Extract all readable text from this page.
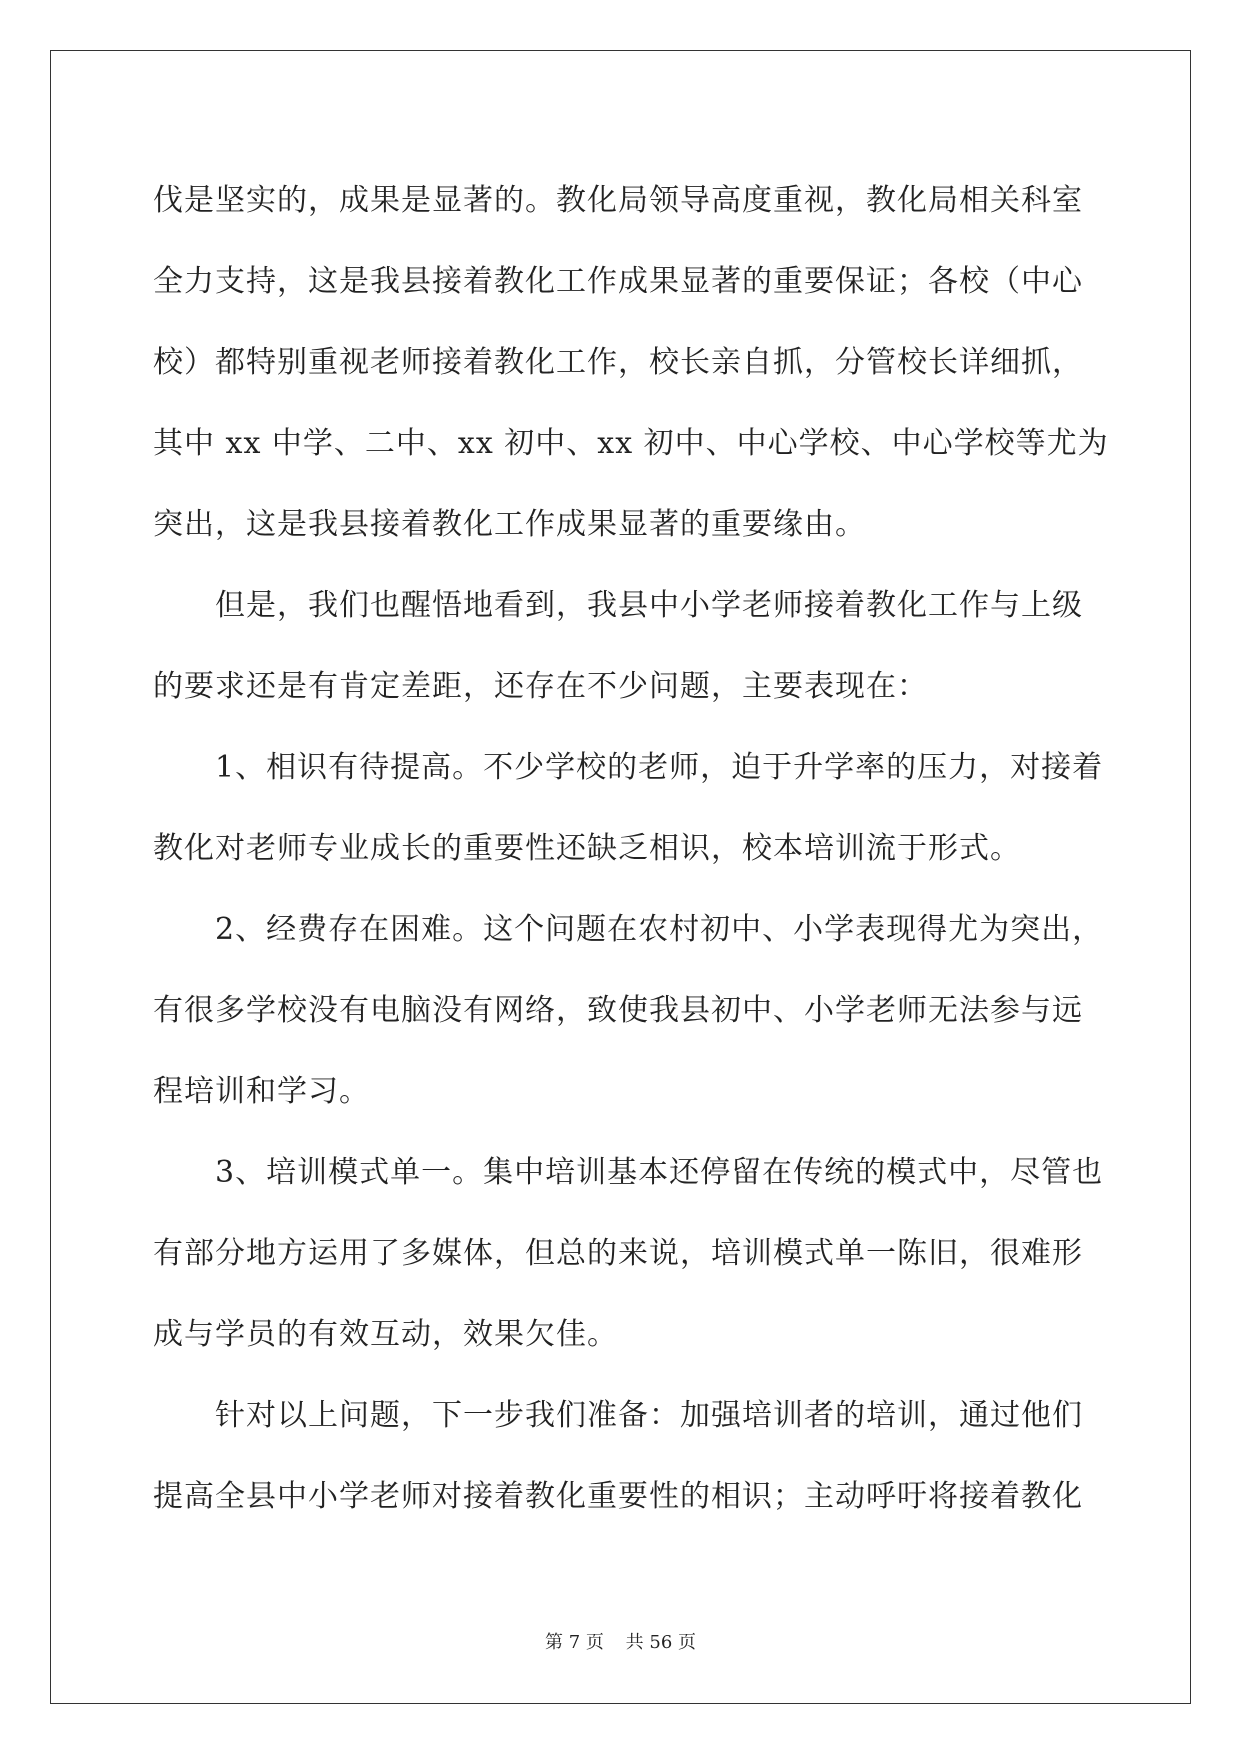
伐是坚实的，成果是显著的。教化局领导高度重视，教化局相关科室
全力支持，这是我县接着教化工作成果显著的重要保证；各校（中心
校）都特别重视老师接着教化工作，校长亲自抓，分管校长详细抓，
其中 xx 中学、二中、xx 初中、xx 初中、中心学校、中心学校等尤为
突出，这是我县接着教化工作成果显著的重要缘由。
但是，我们也醒悟地看到，我县中小学老师接着教化工作与上级
的要求还是有肯定差距，还存在不少问题，主要表现在：
1、相识有待提高。不少学校的老师，迫于升学率的压力，对接着
教化对老师专业成长的重要性还缺乏相识，校本培训流于形式。
2、经费存在困难。这个问题在农村初中、小学表现得尤为突出，
有很多学校没有电脑没有网络，致使我县初中、小学老师无法参与远
程培训和学习。
3、培训模式单一。集中培训基本还停留在传统的模式中，尽管也
有部分地方运用了多媒体，但总的来说，培训模式单一陈旧，很难形
成与学员的有效互动，效果欠佳。
针对以上问题，下一步我们准备：加强培训者的培训，通过他们
提高全县中小学老师对接着教化重要性的相识；主动呼吁将接着教化
第 7 页 共 56 页
